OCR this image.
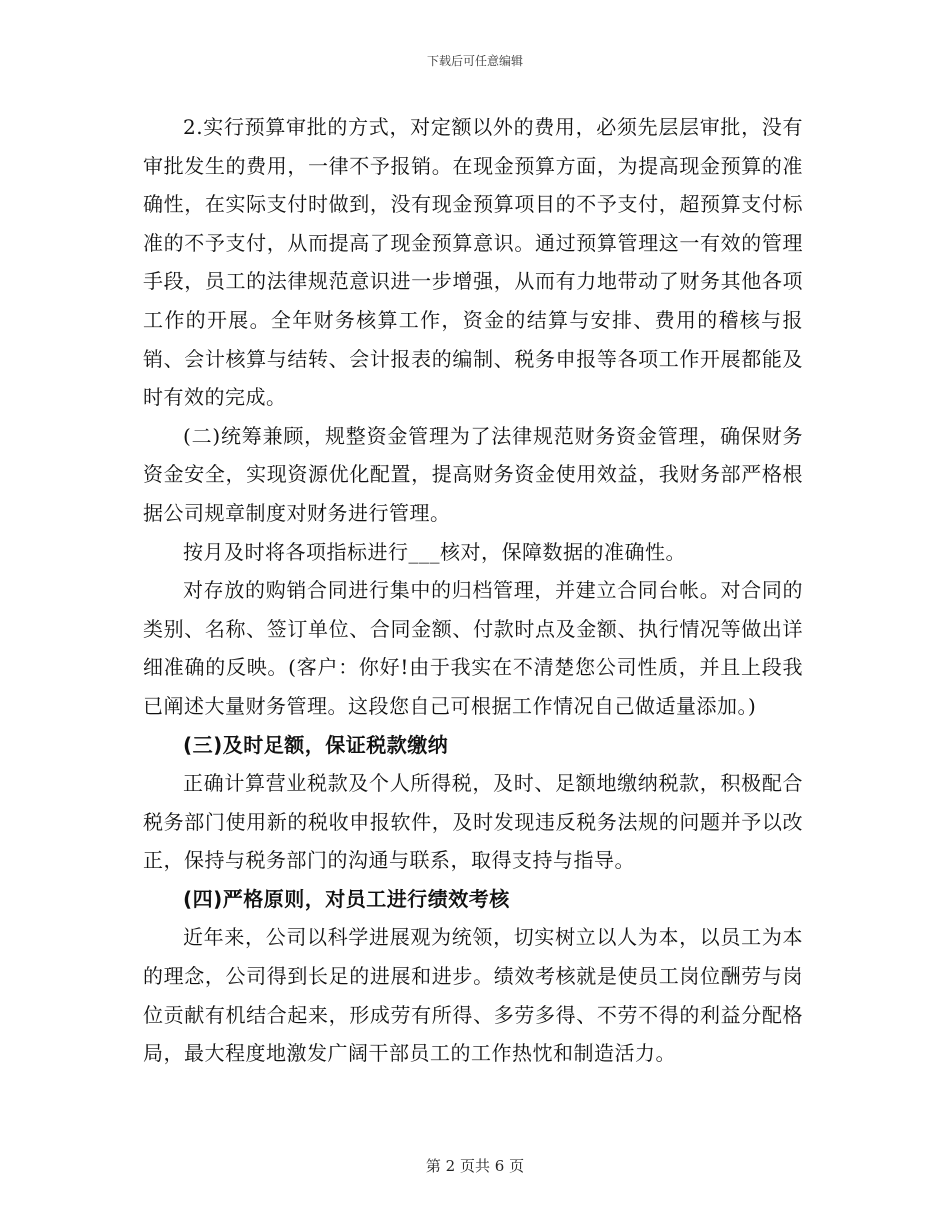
下载后可任意编辑

2.实行预算审批的方式，对定额以外的费用，必须先层层审批，没有审批发生的费用，一律不予报销。在现金预算方面，为提高现金预算的准确性，在实际支付时做到，没有现金预算项目的不予支付，超预算支付标准的不予支付，从而提高了现金预算意识。通过预算管理这一有效的管理手段，员工的法律规范意识进一步增强，从而有力地带动了财务其他各项工作的开展。全年财务核算工作，资金的结算与安排、费用的稽核与报销、会计核算与结转、会计报表的编制、税务申报等各项工作开展都能及时有效的完成。

(二)统筹兼顾，规整资金管理为了法律规范财务资金管理，确保财务资金安全，实现资源优化配置，提高财务资金使用效益，我财务部严格根据公司规章制度对财务进行管理。

按月及时将各项指标进行___核对，保障数据的准确性。

对存放的购销合同进行集中的归档管理，并建立合同台帐。对合同的类别、名称、签订单位、合同金额、付款时点及金额、执行情况等做出详细准确的反映。(客户：你好!由于我实在不清楚您公司性质，并且上段我已阐述大量财务管理。这段您自己可根据工作情况自己做适量添加。)

(三)及时足额，保证税款缴纳

正确计算营业税款及个人所得税，及时、足额地缴纳税款，积极配合税务部门使用新的税收申报软件，及时发现违反税务法规的问题并予以改正，保持与税务部门的沟通与联系，取得支持与指导。

(四)严格原则，对员工进行绩效考核

近年来，公司以科学进展观为统领，切实树立以人为本，以员工为本的理念，公司得到长足的进展和进步。绩效考核就是使员工岗位酬劳与岗位贡献有机结合起来，形成劳有所得、多劳多得、不劳不得的利益分配格局，最大程度地激发广阔干部员工的工作热忱和制造活力。

第 2 页共 6 页
